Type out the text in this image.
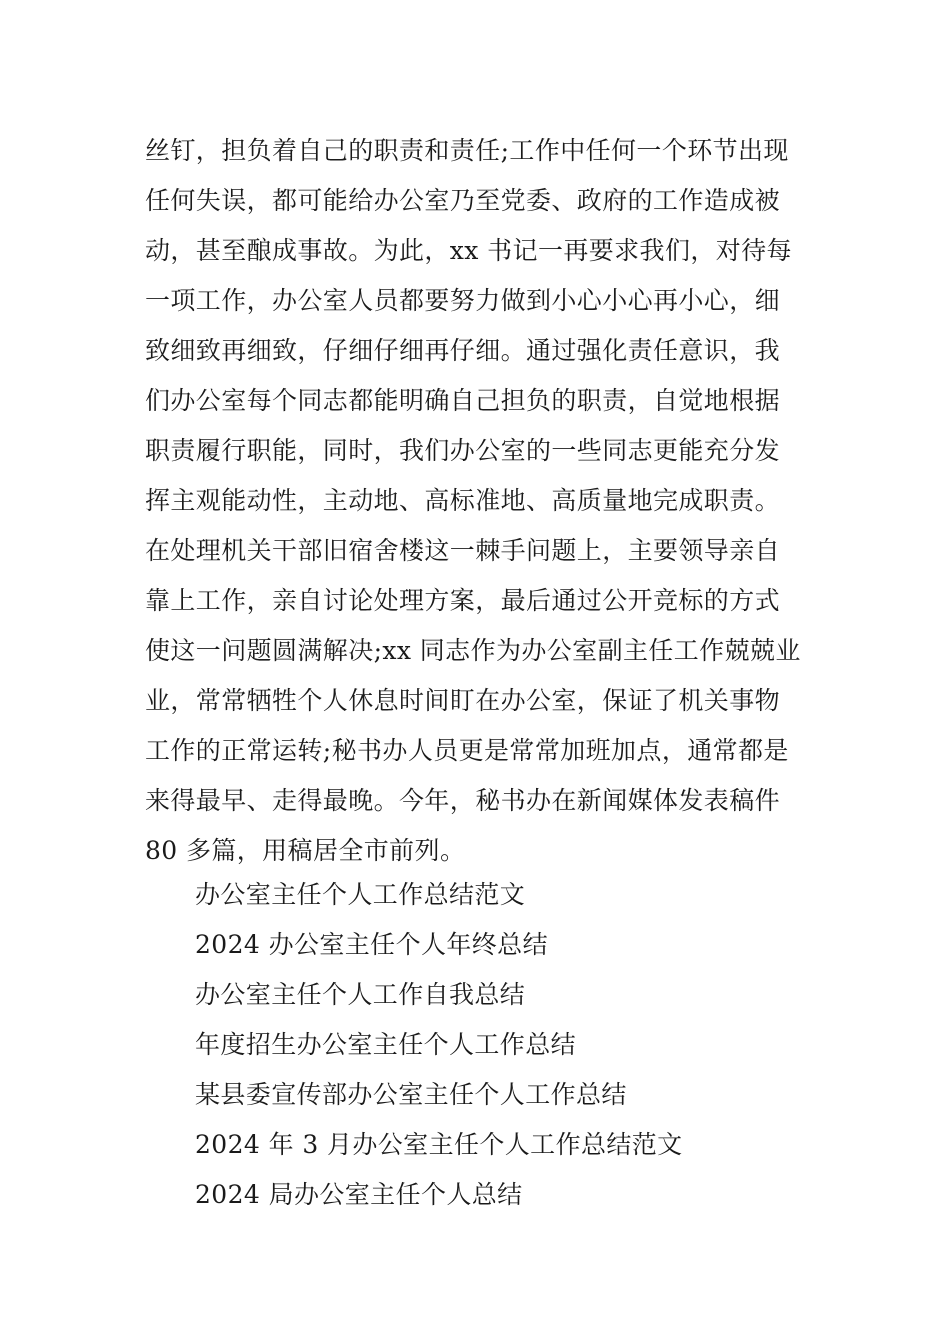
丝钉，担负着自己的职责和责任;工作中任何一个环节出现
任何失误，都可能给办公室乃至党委、政府的工作造成被
动，甚至酿成事故。为此，xx 书记一再要求我们，对待每
一项工作，办公室人员都要努力做到小心小心再小心，细
致细致再细致，仔细仔细再仔细。通过强化责任意识，我
们办公室每个同志都能明确自己担负的职责，自觉地根据
职责履行职能，同时，我们办公室的一些同志更能充分发
挥主观能动性，主动地、高标准地、高质量地完成职责。
在处理机关干部旧宿舍楼这一棘手问题上，主要领导亲自
靠上工作，亲自讨论处理方案，最后通过公开竞标的方式
使这一问题圆满解决;xx 同志作为办公室副主任工作兢兢业
业，常常牺牲个人休息时间盯在办公室，保证了机关事物
工作的正常运转;秘书办人员更是常常加班加点，通常都是
来得最早、走得最晚。今年，秘书办在新闻媒体发表稿件
80 多篇，用稿居全市前列。
办公室主任个人工作总结范文
2024 办公室主任个人年终总结
办公室主任个人工作自我总结
年度招生办公室主任个人工作总结
某县委宣传部办公室主任个人工作总结
2024 年 3 月办公室主任个人工作总结范文
2024 局办公室主任个人总结
